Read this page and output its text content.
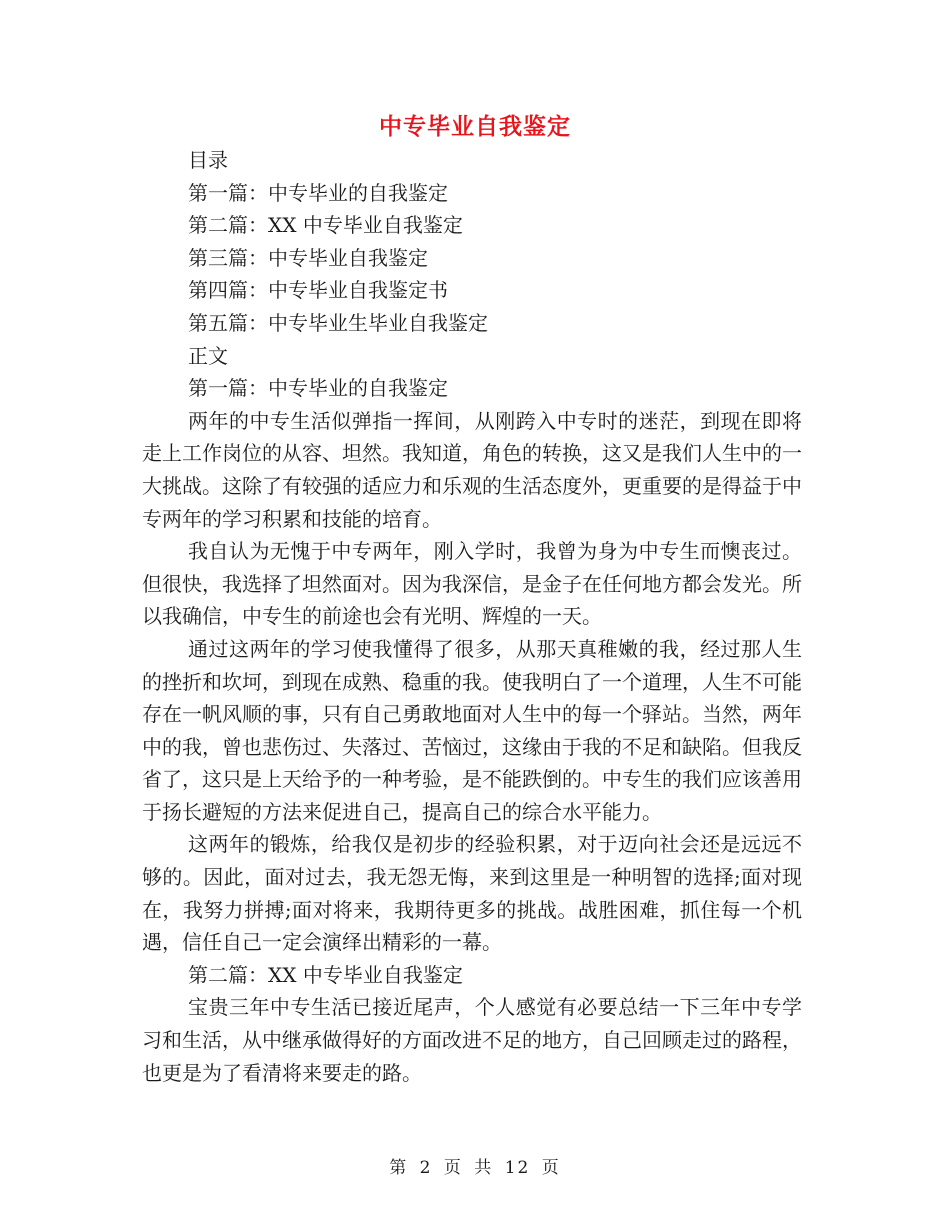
中专毕业自我鉴定
目录
第一篇：中专毕业的自我鉴定
第二篇：XX 中专毕业自我鉴定
第三篇：中专毕业自我鉴定
第四篇：中专毕业自我鉴定书
第五篇：中专毕业生毕业自我鉴定
正文
第一篇：中专毕业的自我鉴定

两年的中专生活似弹指一挥间，从刚跨入中专时的迷茫，到现在即将走上工作岗位的从容、坦然。我知道，角色的转换，这又是我们人生中的一大挑战。这除了有较强的适应力和乐观的生活态度外，更重要的是得益于中专两年的学习积累和技能的培育。

我自认为无愧于中专两年，刚入学时，我曾为身为中专生而懊丧过。但很快，我选择了坦然面对。因为我深信，是金子在任何地方都会发光。所以我确信，中专生的前途也会有光明、辉煌的一天。

通过这两年的学习使我懂得了很多，从那天真稚嫩的我，经过那人生的挫折和坎坷，到现在成熟、稳重的我。使我明白了一个道理，人生不可能存在一帆风顺的事，只有自己勇敢地面对人生中的每一个驿站。当然，两年中的我，曾也悲伤过、失落过、苦恼过，这缘由于我的不足和缺陷。但我反省了，这只是上天给予的一种考验，是不能跌倒的。中专生的我们应该善用于扬长避短的方法来促进自己，提高自己的综合水平能力。

这两年的锻炼，给我仅是初步的经验积累，对于迈向社会还是远远不够的。因此，面对过去，我无怨无悔，来到这里是一种明智的选择;面对现在，我努力拼搏;面对将来，我期待更多的挑战。战胜困难，抓住每一个机遇，信任自己一定会演绎出精彩的一幕。

第二篇：XX 中专毕业自我鉴定

宝贵三年中专生活已接近尾声，个人感觉有必要总结一下三年中专学习和生活，从中继承做得好的方面改进不足的地方，自己回顾走过的路程，也更是为了看清将来要走的路。

第 2 页 共 12 页
